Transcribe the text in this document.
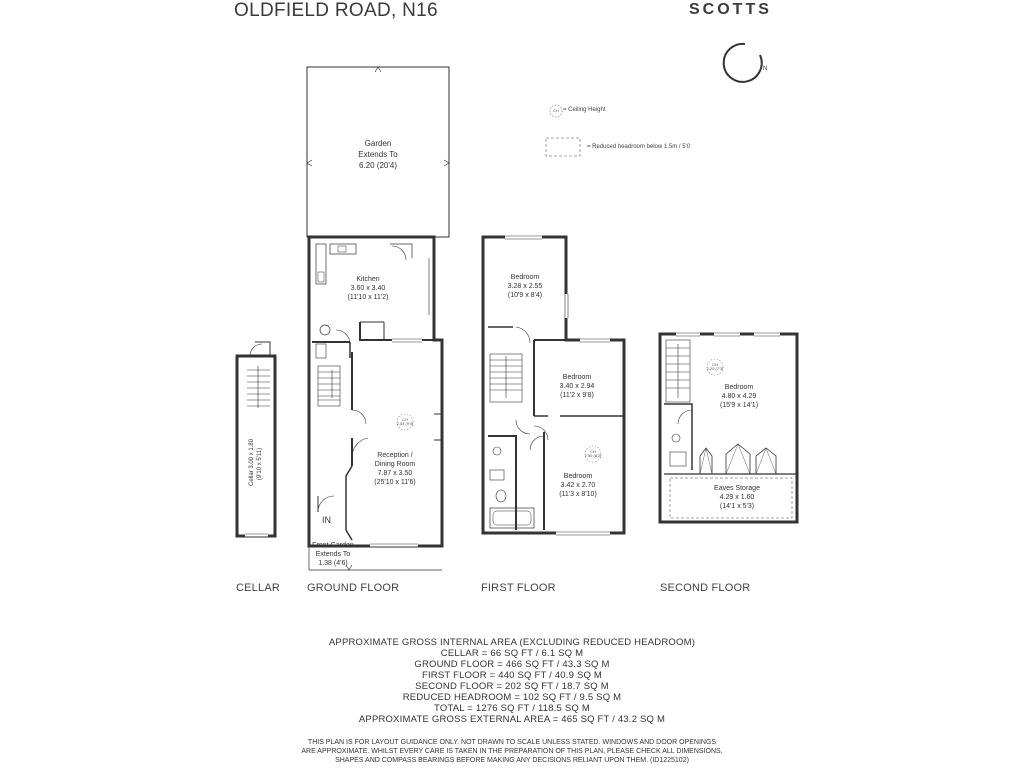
OLDFIELD ROAD, N16	SCOTTS
N
= Ceiling Height
= Reduced headroom below 1.5m / 5'0
CH
Garden
Extends To
6.20 (20'4)
Kitchen
3.60 x 3.40
(11'10 x 11'2)
Reception /
Dining Room
7.87 x 3.50
(25'10 x 11'6)
Front Garden
Extends To
1.38 (4'6)
IN
Cellar 3.00 x 1.80 (9'10 x 5'11)
Bedroom
3.28 x 2.55
(10'9 x 8'4)
Bedroom
3.40 x 2.94
(11'2 x 9'8)
Bedroom
3.42 x 2.70
(11'3 x 8'10)
Bedroom
4.80 x 4.29
(15'9 x 14'1)
Eaves Storage
4.29 x 1.60
(14'1 x 5'3)
CH
2.84 (9'4)
CH
2.50 (8'2)
CH
2.20 (7'3)
CELLAR GROUND FLOOR	FIRST FLOOR	SECOND FLOOR
APPROXIMATE GROSS INTERNAL AREA (EXCLUDING REDUCED HEADROOM)
CELLAR = 66 SQ FT / 6.1 SQ M
GROUND FLOOR = 466 SQ FT / 43.3 SQ M
FIRST FLOOR = 440 SQ FT / 40.9 SQ M
SECOND FLOOR = 202 SQ FT / 18.7 SQ M
REDUCED HEADROOM = 102 SQ FT / 9.5 SQ M
TOTAL = 1276 SQ FT / 118.5 SQ M
APPROXIMATE GROSS EXTERNAL AREA = 465 SQ FT / 43.2 SQ M
THIS PLAN IS FOR LAYOUT GUIDANCE ONLY. NOT DRAWN TO SCALE UNLESS STATED. WINDOWS AND DOOR OPENINGS
ARE APPROXIMATE. WHILST EVERY CARE IS TAKEN IN THE PREPARATION OF THIS PLAN, PLEASE CHECK ALL DIMENSIONS,
SHAPES AND COMPASS BEARINGS BEFORE MAKING ANY DECISIONS RELIANT UPON THEM. (ID1225102)
